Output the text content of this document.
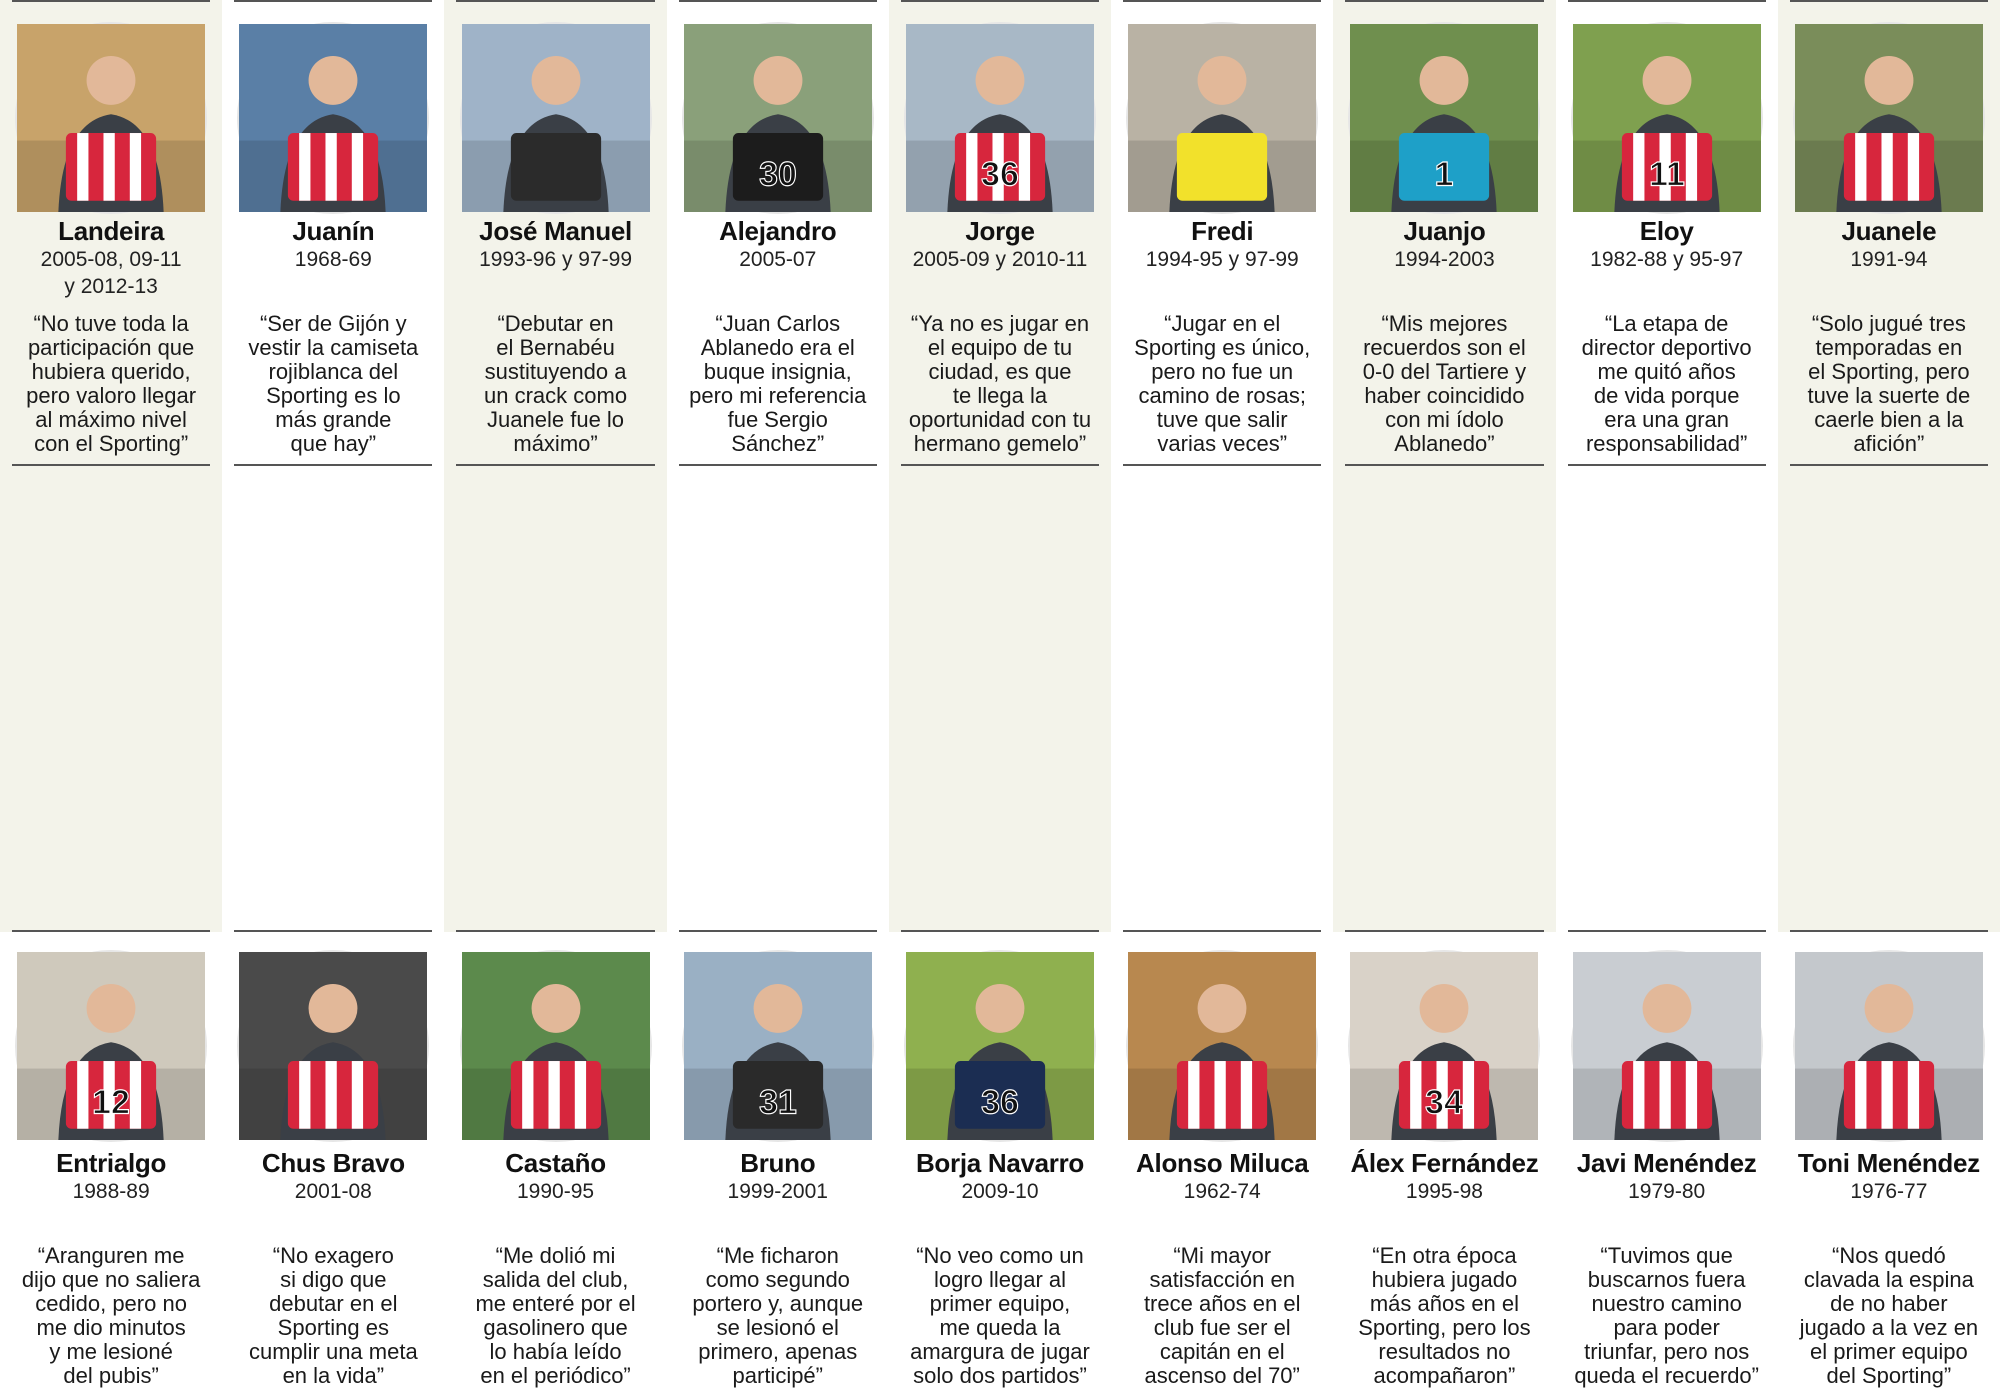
Landeira
2005-08, 09-11
y 2012-13
“No tuve toda la
participación que
hubiera querido,
pero valoro llegar
al máximo nivel
con el Sporting”
Juanín
1968-69
“Ser de Gijón y
vestir la camiseta
rojiblanca del
Sporting es lo
más grande
que hay”
José Manuel
1993-96 y 97-99
“Debutar en
el Bernabéu
sustituyendo a
un crack como
Juanele fue lo
máximo”
30
Alejandro
2005-07
“Juan Carlos
Ablanedo era el
buque insignia,
pero mi referencia
fue Sergio
Sánchez”
36
Jorge
2005-09 y 2010-11
“Ya no es jugar en
el equipo de tu
ciudad, es que
te llega la
oportunidad con tu
hermano gemelo”
Fredi
1994-95 y 97-99
“Jugar en el
Sporting es único,
pero no fue un
camino de rosas;
tuve que salir
varias veces”
1
Juanjo
1994-2003
“Mis mejores
recuerdos son el
0-0 del Tartiere y
haber coincidido
con mi ídolo
Ablanedo”
11
Eloy
1982-88 y 95-97
“La etapa de
director deportivo
me quitó años
de vida porque
era una gran
responsabilidad”
Juanele
1991-94
“Solo jugué tres
temporadas en
el Sporting, pero
tuve la suerte de
caerle bien a la
afición”
12
Entrialgo
1988-89
“Aranguren me
dijo que no saliera
cedido, pero no
me dio minutos
y me lesioné
del pubis”
Chus Bravo
2001-08
“No exagero
si digo que
debutar en el
Sporting es
cumplir una meta
en la vida”
Castaño
1990-95
“Me dolió mi
salida del club,
me enteré por el
gasolinero que
lo había leído
en el periódico”
31
Bruno
1999-2001
“Me ficharon
como segundo
portero y, aunque
se lesionó el
primero, apenas
participé”
36
Borja Navarro
2009-10
“No veo como un
logro llegar al
primer equipo,
me queda la
amargura de jugar
solo dos partidos”
Alonso Miluca
1962-74
“Mi mayor
satisfacción en
trece años en el
club fue ser el
capitán en el
ascenso del 70”
34
Álex Fernández
1995-98
“En otra época
hubiera jugado
más años en el
Sporting, pero los
resultados no
acompañaron”
Javi Menéndez
1979-80
“Tuvimos que
buscarnos fuera
nuestro camino
para poder
triunfar, pero nos
queda el recuerdo”
Toni Menéndez
1976-77
“Nos quedó
clavada la espina
de no haber
jugado a la vez en
el primer equipo
del Sporting”
